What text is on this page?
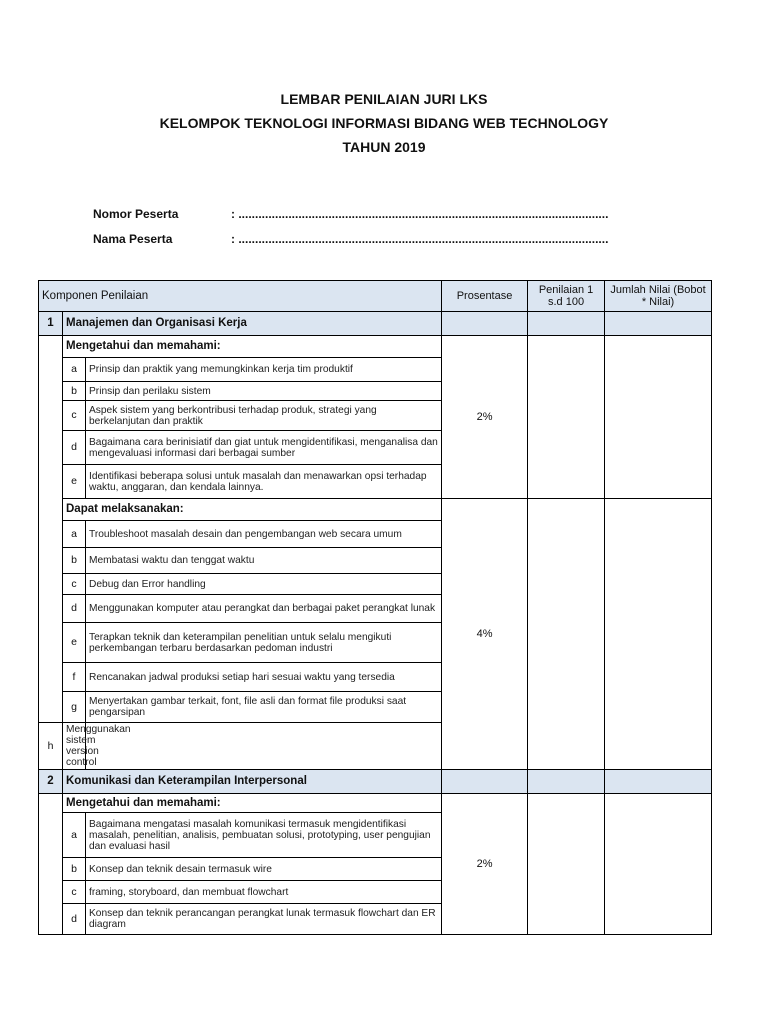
LEMBAR PENILAIAN JURI LKS
KELOMPOK TEKNOLOGI INFORMASI BIDANG WEB TECHNOLOGY
TAHUN 2019
Nomor Peserta	: ...............................................................................................................
Nama Peserta	: ...............................................................................................................
Komponen Penilaian			Prosentase	Penilaian 1 s.d 100	Jumlah Nilai (Bobot * Nilai)
1	Manajemen dan Organisasi Kerja				
	Mengetahui dan memahami:		2%		
	a	Prinsip dan praktik yang memungkinkan kerja tim produktif			
	b	Prinsip dan perilaku sistem			
	c	Aspek sistem yang berkontribusi terhadap produk, strategi yang berkelanjutan dan praktik			
	d	Bagaimana cara berinisiatif dan giat untuk mengidentifikasi, menganalisa dan mengevaluasi informasi dari berbagai sumber			
	e	Identifikasi beberapa solusi untuk masalah dan menawarkan opsi terhadap waktu, anggaran, dan kendala lainnya.			
	Dapat melaksanakan:		4%		
	a	Troubleshoot masalah desain dan pengembangan web secara umum			
	b	Membatasi waktu dan tenggat waktu			
	c	Debug dan Error handling			
	d	Menggunakan komputer atau perangkat dan berbagai paket perangkat lunak			
	e	Terapkan teknik dan keterampilan penelitian untuk selalu mengikuti perkembangan terbaru berdasarkan pedoman industri			
	f	Rencanakan jadwal produksi setiap hari sesuai waktu yang tersedia			
	g	Menyertakan gambar terkait, font, file asli dan format file produksi saat pengarsipan			
h	Menggunakan sistem version control				
2	Komunikasi dan Keterampilan Interpersonal				
	Mengetahui dan memahami:		2%		
	a	Bagaimana mengatasi masalah komunikasi termasuk mengidentifikasi masalah, penelitian, analisis, pembuatan solusi, prototyping, user pengujian dan evaluasi hasil			
	b	Konsep dan teknik desain termasuk wire			
	c	framing, storyboard, dan membuat flowchart			
	d	Konsep dan teknik perancangan perangkat lunak termasuk flowchart dan ER diagram			
